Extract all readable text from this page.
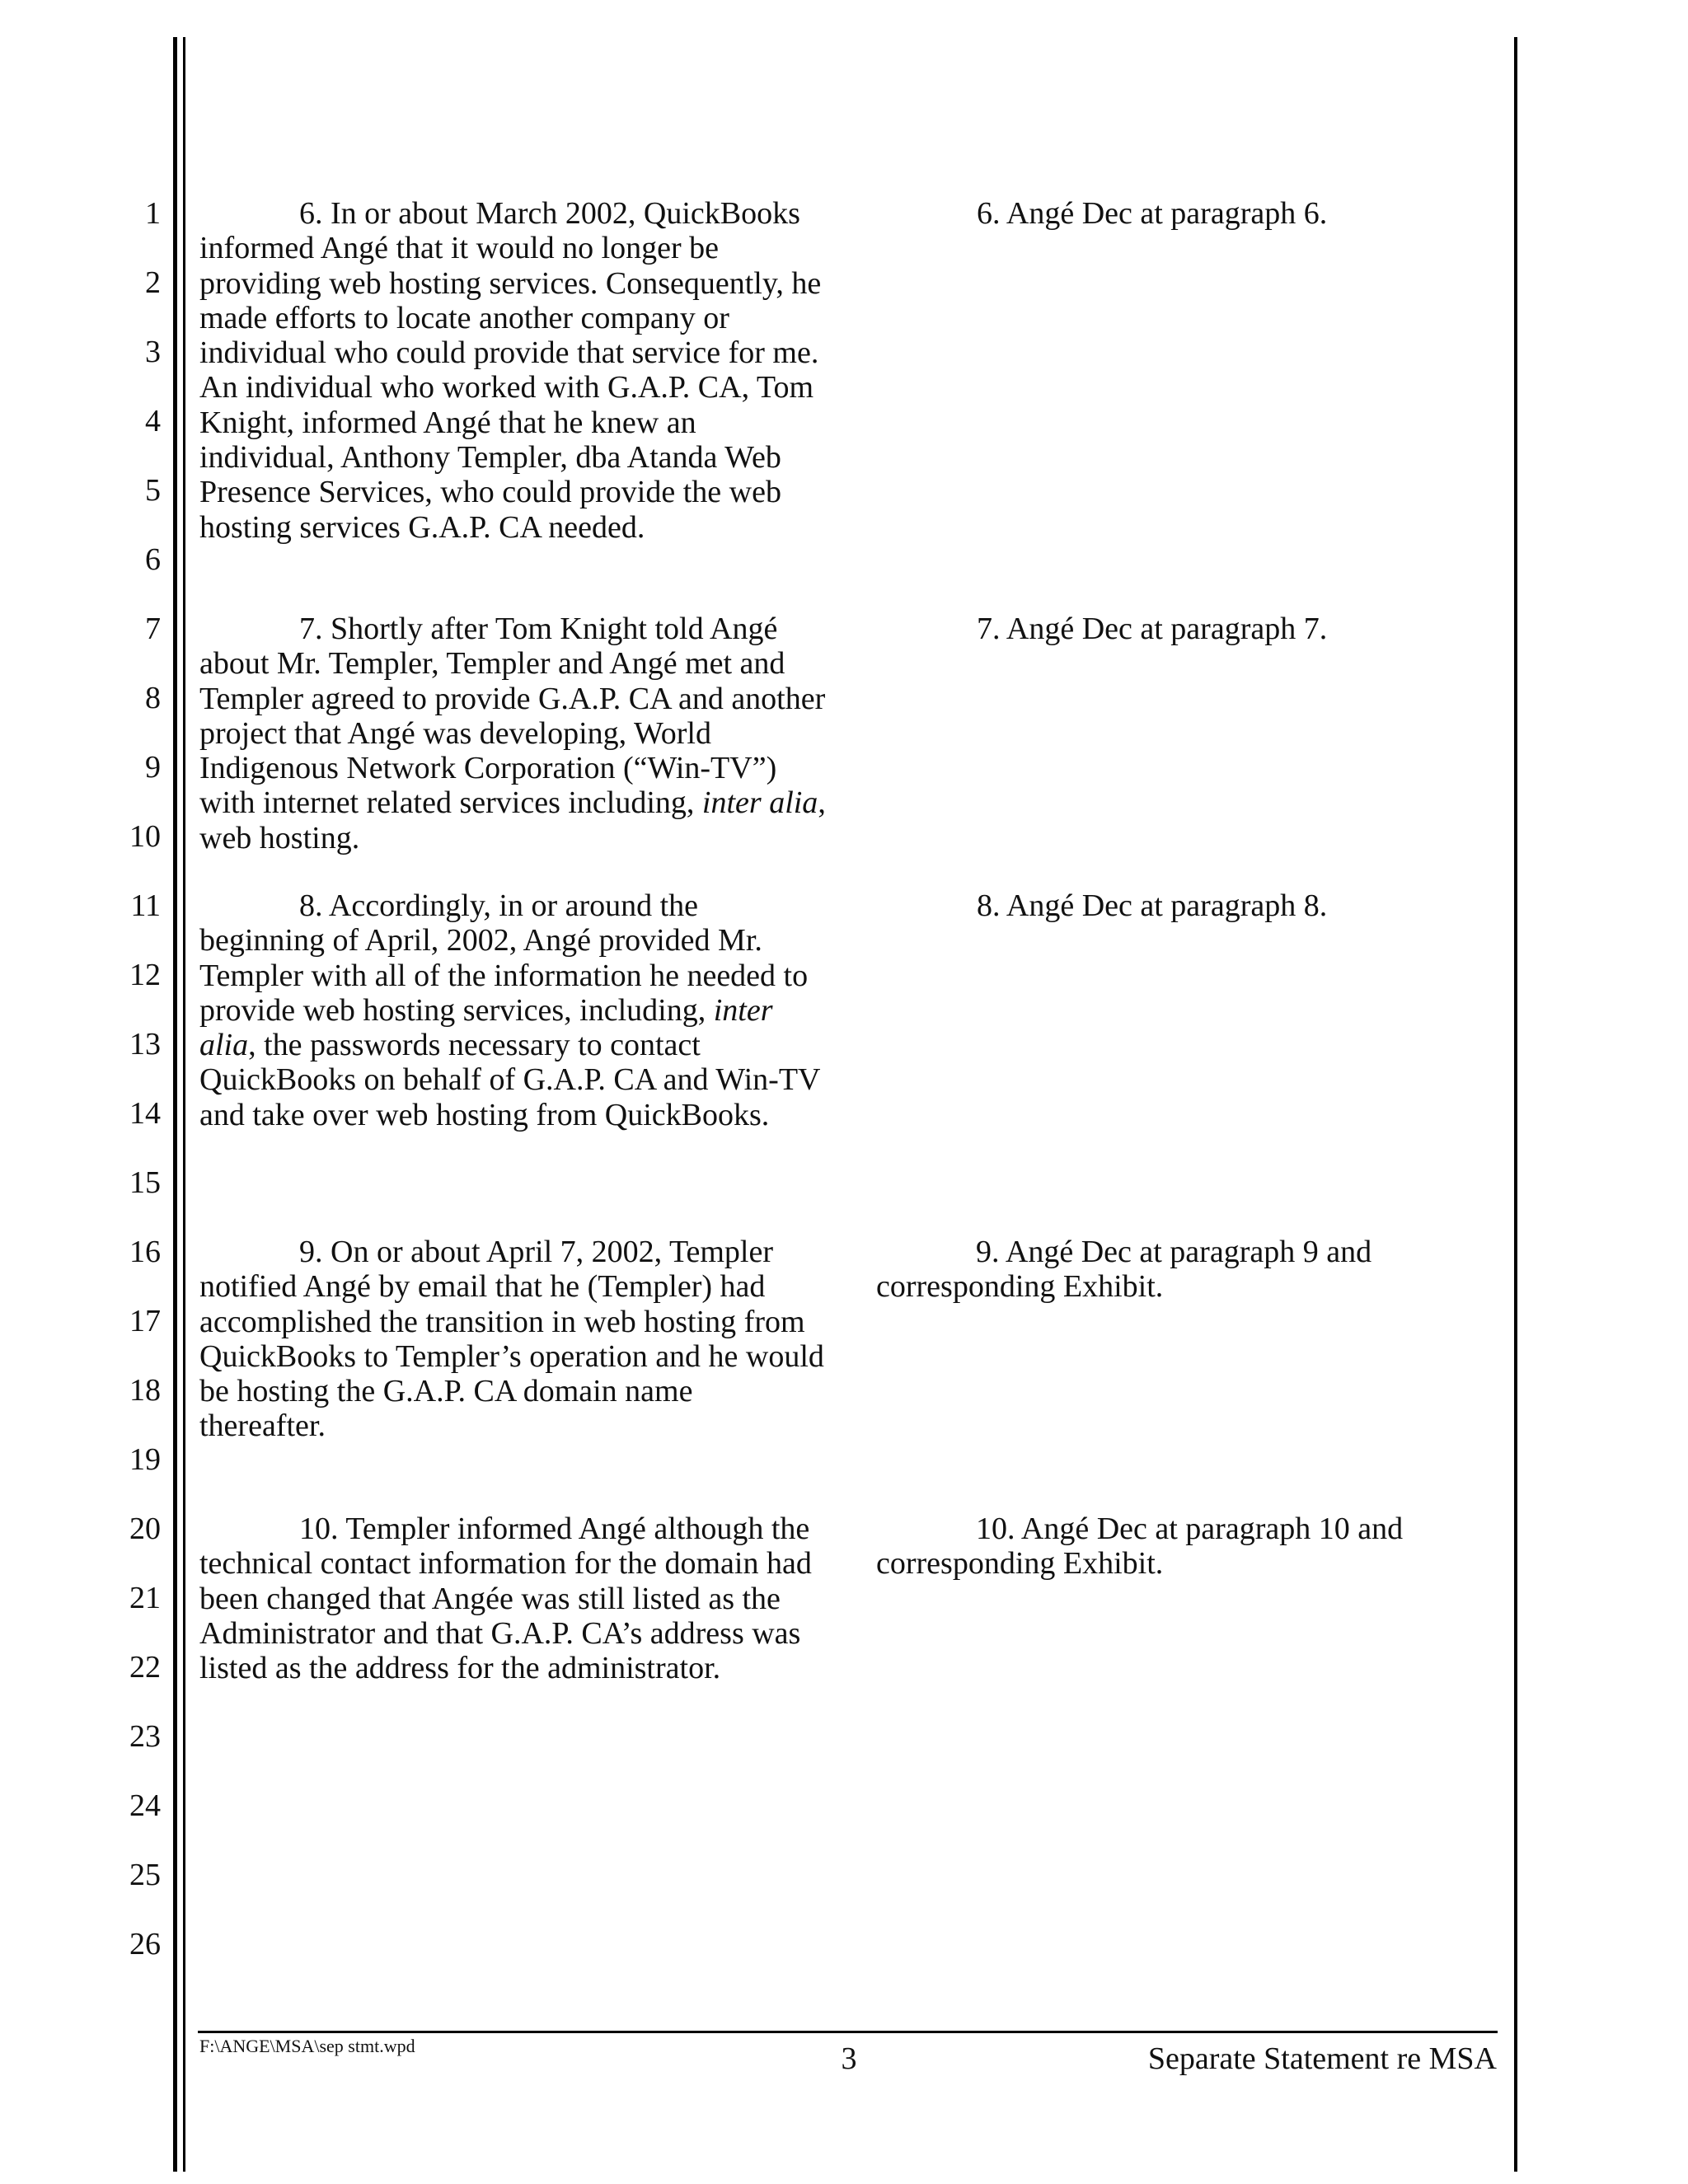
1
2
3
4
5
6
7
8
9
10
11
12
13
14
15
16
17
18
19
20
21
22
23
24
25
26

6. In or about March 2002, QuickBooks informed Angé that it would no longer be providing web hosting services. Consequently, he made efforts to locate another company or individual who could provide that service for me. An individual who worked with G.A.P. CA, Tom Knight, informed Angé that he knew an individual, Anthony Templer, dba Atanda Web Presence Services, who could provide the web hosting services G.A.P. CA needed.

6. Angé Dec at paragraph 6.

7. Shortly after Tom Knight told Angé about Mr. Templer, Templer and Angé met and Templer agreed to provide G.A.P. CA and another project that Angé was developing, World Indigenous Network Corporation (“Win-TV”) with internet related services including, inter alia, web hosting.

7. Angé Dec at paragraph 7.

8. Accordingly, in or around the beginning of April, 2002, Angé provided Mr. Templer with all of the information he needed to provide web hosting services, including, inter alia, the passwords necessary to contact QuickBooks on behalf of G.A.P. CA and Win-TV and take over web hosting from QuickBooks.

8. Angé Dec at paragraph 8.

9. On or about April 7, 2002, Templer notified Angé by email that he (Templer) had accomplished the transition in web hosting from QuickBooks to Templer’s operation and he would be hosting the G.A.P. CA domain name thereafter.

9. Angé Dec at paragraph 9 and corresponding Exhibit.

10. Templer informed Angé although the technical contact information for the domain had been changed that Angée was still listed as the Administrator and that G.A.P. CA’s address was listed as the address for the administrator.

10. Angé Dec at paragraph 10 and corresponding Exhibit.

F:\ANGE\MSA\sep stmt.wpd	3	Separate Statement re MSA
